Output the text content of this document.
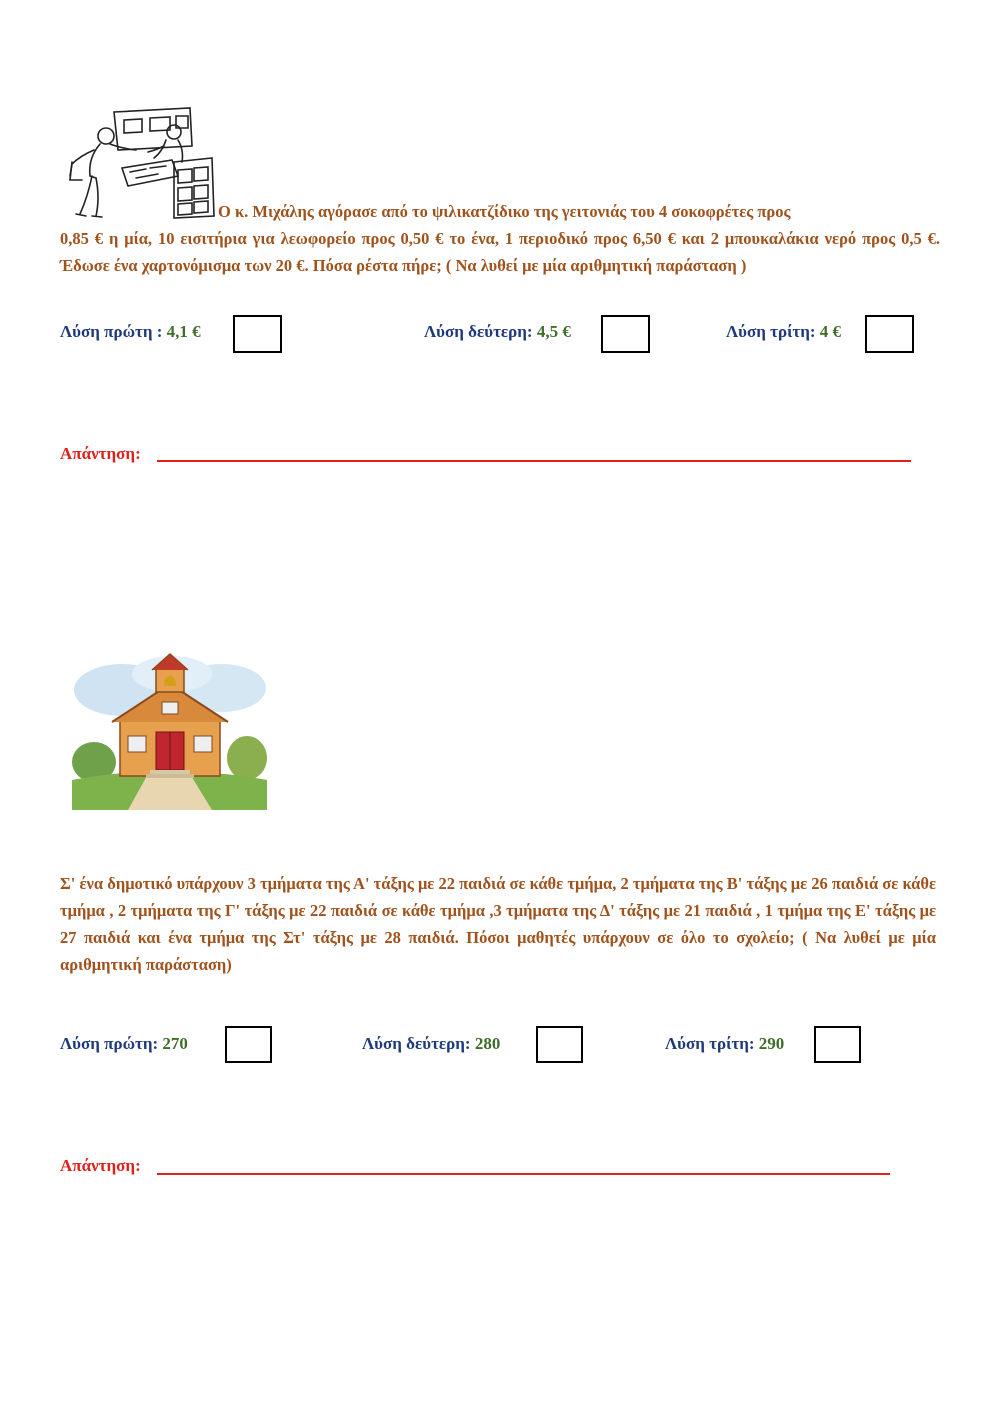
Ο κ. Μιχάλης αγόρασε από το ψιλικατζίδικο της γειτονιάς του 4 σοκοφρέτες προς
0,85 € η μία, 10 εισιτήρια για λεωφορείο προς 0,50 € το ένα, 1 περιοδικό προς 6,50 € και 2 μπουκαλάκια νερό προς 0,5 €. Έδωσε ένα χαρτονόμισμα των 20 €. Πόσα ρέστα πήρε; ( Να λυθεί με μία αριθμητική παράσταση )
Λύση πρώτη : 4,1 €	Λύση δεύτερη: 4,5 €	Λύση τρίτη: 4 €
Απάντηση:
Σ' ένα δημοτικό υπάρχουν 3 τμήματα της Α' τάξης με 22 παιδιά σε κάθε τμήμα, 2 τμήματα της Β' τάξης με 26 παιδιά σε κάθε τμήμα , 2 τμήματα της Γ' τάξης με 22 παιδιά σε κάθε τμήμα ,3 τμήματα της Δ' τάξης με 21 παιδιά , 1 τμήμα της Ε' τάξης με 27 παιδιά και ένα τμήμα της Στ' τάξης με 28 παιδιά. Πόσοι μαθητές υπάρχουν σε όλο το σχολείο; ( Να λυθεί με μία αριθμητική παράσταση)
Λύση πρώτη: 270	Λύση δεύτερη: 280	Λύση τρίτη: 290
Απάντηση:
